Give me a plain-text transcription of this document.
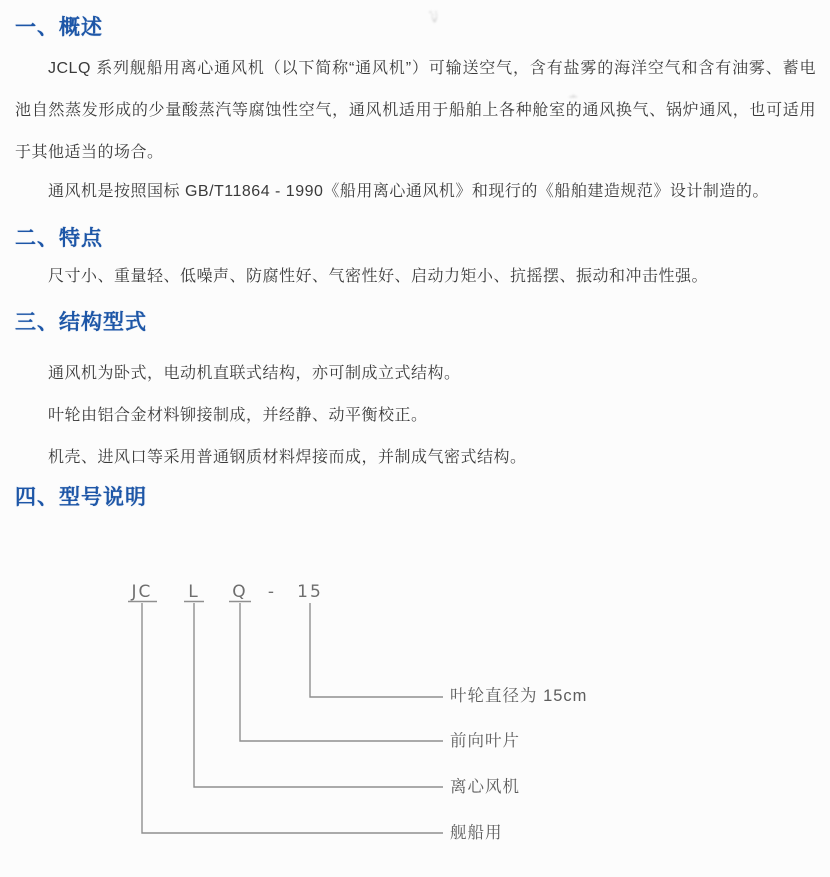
一、概述

JCLQ 系列舰船用离心通风机（以下简称“通风机”）可输送空气，含有盐雾的海洋空气和含有油雾、蓄电池自然蒸发形成的少量酸蒸汽等腐蚀性空气，通风机适用于船舶上各种舱室的通风换气、锅炉通风，也可适用于其他适当的场合。

通风机是按照国标 GB/T11864 - 1990《船用离心通风机》和现行的《船舶建造规范》设计制造的。

二、特点

尺寸小、重量轻、低噪声、防腐性好、气密性好、启动力矩小、抗摇摆、振动和冲击性强。

三、结构型式

通风机为卧式，电动机直联式结构，亦可制成立式结构。

叶轮由铝合金材料铆接制成，并经静、动平衡校正。

机壳、进风口等采用普通钢质材料焊接而成，并制成气密式结构。

四、型号说明
;∶˃
˧
JC L Q - 15
叶轮直径为 15cm
前向叶片
离心风机
舰船用
